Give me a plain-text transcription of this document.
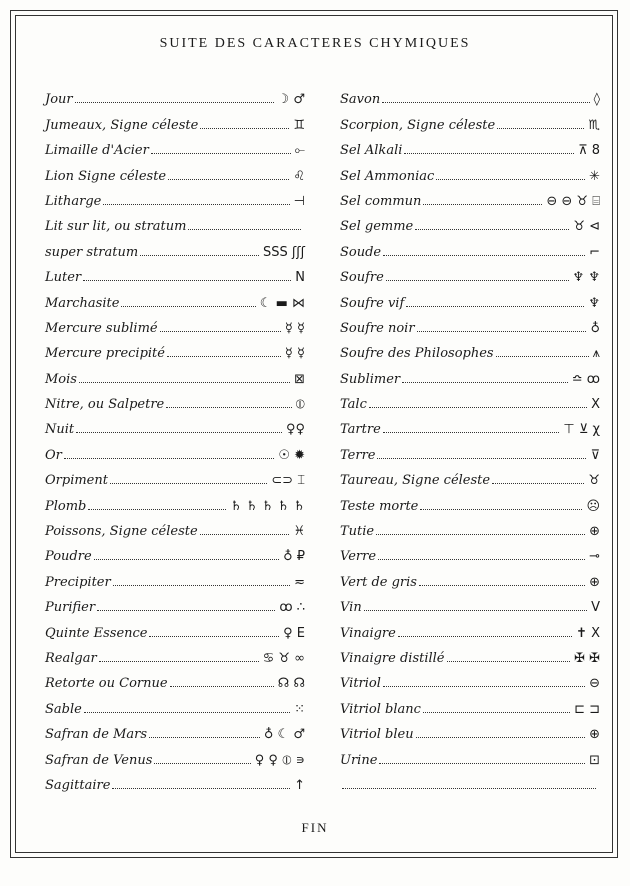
SUITE DES CARACTERES CHYMIQUES
Jour	☽ ♂
Jumeaux, Signe céleste	♊
Limaille d'Acier	⟜
Lion Signe céleste	♌
Litharge	⊣
Lit sur lit, ou stratum
super stratum	SSS ʃʃʃ
Luter	N
Marchasite	☾ ▬ ⋈
Mercure sublimé	☿ ☿
Mercure precipité	☿ ☿
Mois	⊠
Nitre, ou Salpetre	⦶
Nuit	♀♀
Or	☉ ✹
Orpiment	⊂⊃ ⌶
Plomb	♄ ♄ ♄ ♄ ♄
Poissons, Signe céleste	♓
Poudre	♁ ₽
Precipiter	≂
Purifier	ꝏ ∴
Quinte Essence	♀ E
Realgar	♋ ♉ ∞
Retorte ou Cornue	☊ ☊
Sable	⁙
Safran de Mars	♁ ☾ ♂
Safran de Venus	♀ ♀ ⦶ ∍
Sagittaire	↑
Savon	◊
Scorpion, Signe céleste	♏
Sel Alkali	⊼ 8
Sel Ammoniac	✳
Sel commun	⊖ ⊖ ♉ ⌸
Sel gemme	♉ ⊲
Soude	⌐
Soufre	♆ ♆
Soufre vif	♆
Soufre noir	♁
Soufre des Philosophes	⩚
Sublimer	≏ ꝏ
Talc	X
Tartre	⊤ ⊻ χ
Terre	⊽
Taureau, Signe céleste	♉
Teste morte	☹
Tutie	⊕
Verre	⊸
Vert de gris	⊕
Vin	V
Vinaigre	✝ X
Vinaigre distillé	✠ ✠
Vitriol	⊖
Vitriol blanc	⊏ ⊐
Vitriol bleu	⊕
Urine	⊡
FIN
